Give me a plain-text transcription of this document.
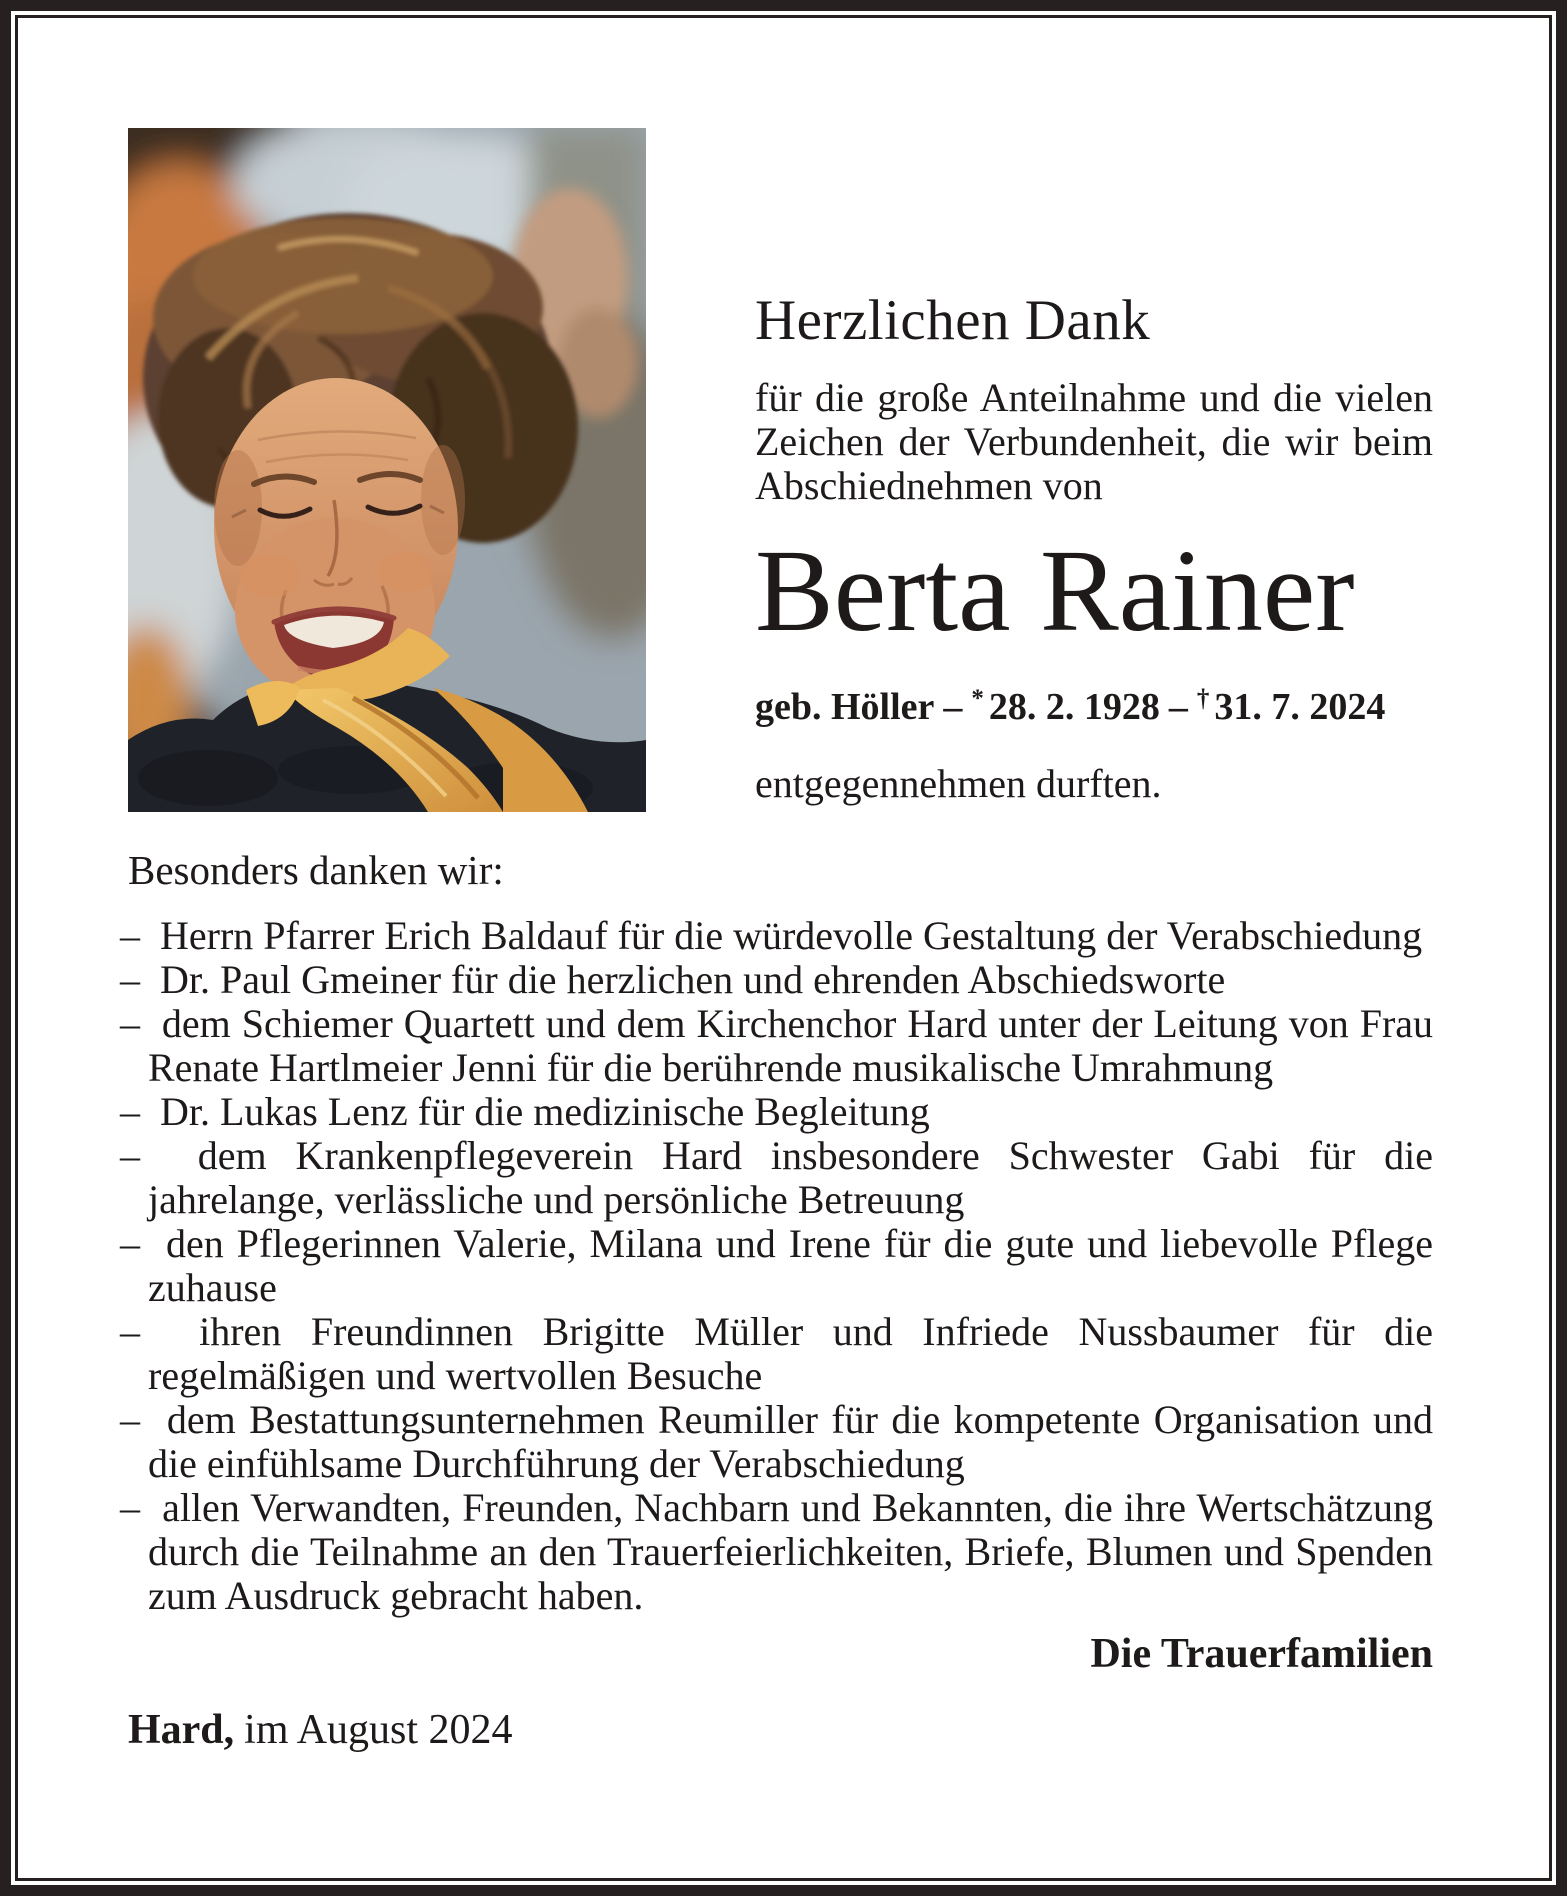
Herzlichen Dank

für die große Anteilnahme und die vielen Zeichen der Verbundenheit, die wir beim Abschiednehmen von

Berta Rainer
geb. Höller – * 28. 2. 1928 – † 31. 7. 2024

entgegennehmen durften.

Besonders danken wir:
– Herrn Pfarrer Erich Baldauf für die würdevolle Gestaltung der Verabschiedung
– Dr. Paul Gmeiner für die herzlichen und ehrenden Abschiedsworte
– dem Schiemer Quartett und dem Kirchenchor Hard unter der Leitung von Frau Renate Hartlmeier Jenni für die berührende musikalische Umrahmung
– Dr. Lukas Lenz für die medizinische Begleitung
– dem Krankenpflegeverein Hard insbesondere Schwester Gabi für die jahrelange, verlässliche und persönliche Betreuung
– den Pflegerinnen Valerie, Milana und Irene für die gute und liebevolle Pflege zuhause
– ihren Freundinnen Brigitte Müller und Infriede Nussbaumer für die regelmäßigen und wertvollen Besuche
– dem Bestattungsunternehmen Reumiller für die kompetente Organisation und die einfühlsame Durchführung der Verabschiedung
– allen Verwandten, Freunden, Nachbarn und Bekannten, die ihre Wertschätzung durch die Teilnahme an den Trauerfeierlichkeiten, Briefe, Blumen und Spenden zum Ausdruck gebracht haben.
Die Trauerfamilien
Hard, im August 2024
